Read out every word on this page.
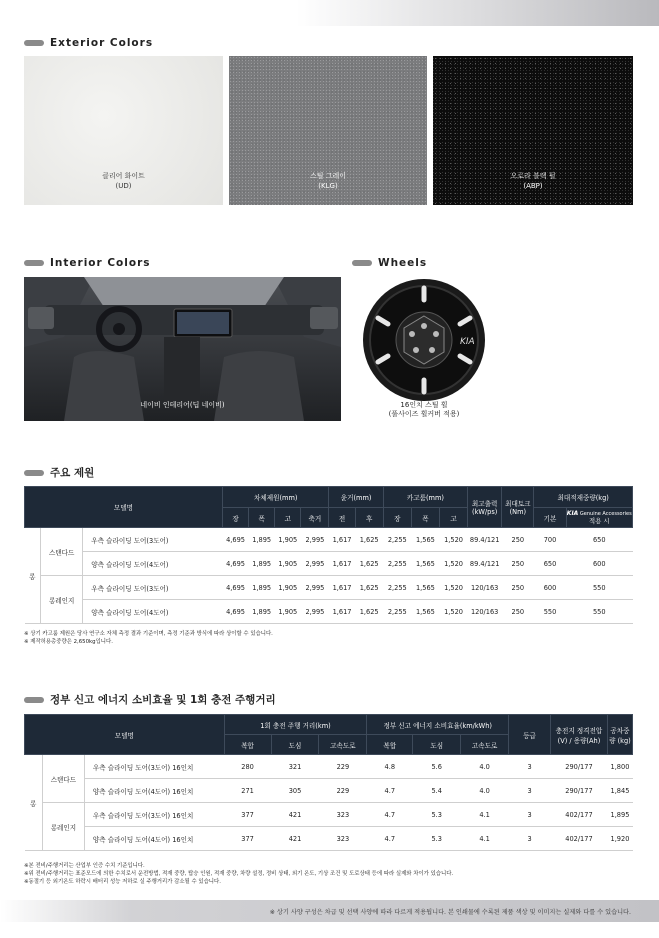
Exterior Colors
클리어 화이트
(UD)
스틸 그레이
(KLG)
오로라 블랙 펄
(ABP)
Interior Colors
네이비 인테리어(딥 네이비)
Wheels
KIA
16인치 스틸 휠
(풀사이즈 휠커버 적용)
주요 제원
모델명			차체제원(mm)				윤거(mm)		카고룸(mm)			최고출력 (kW/ps)	최대토크 (Nm)	최대적재중량(kg)	
			장	폭	고	축거	전	후	장	폭	고			기본	KIA Genuine Accessories
적용 시
롱	스탠다드	우측 슬라이딩 도어(3도어)	4,695	1,895	1,905	2,995	1,617	1,625	2,255	1,565	1,520	89.4/121	250	700	650
		양측 슬라이딩 도어(4도어)	4,695	1,895	1,905	2,995	1,617	1,625	2,255	1,565	1,520	89.4/121	250	650	600
	롱레인지	우측 슬라이딩 도어(3도어)	4,695	1,895	1,905	2,995	1,617	1,625	2,255	1,565	1,520	120/163	250	600	550
		양측 슬라이딩 도어(4도어)	4,695	1,895	1,905	2,995	1,617	1,625	2,255	1,565	1,520	120/163	250	550	550
※ 상기 카고룸 제원은 당사 연구소 자체 측정 결과 기준이며, 측정 기준과 방식에 따라 상이할 수 있습니다.
※ 제작허용총중량은 2,650kg입니다.
정부 신고 에너지 소비효율 및 1회 충전 주행거리
모델명			1회 충전 주행 거리(km)			정부 신고 에너지 소비효율(km/kWh)			등급	충전지 정격전압(V) / 용량(Ah)	공차중량 (kg)
			복합	도심	고속도로	복합	도심	고속도로			
롱	스탠다드	우측 슬라이딩 도어(3도어) 16인치	280	321	229	4.8	5.6	4.0	3	290/177	1,800
		양측 슬라이딩 도어(4도어) 16인치	271	305	229	4.7	5.4	4.0	3	290/177	1,845
	롱레인지	우측 슬라이딩 도어(3도어) 16인치	377	421	323	4.7	5.3	4.1	3	402/177	1,895
		양측 슬라이딩 도어(4도어) 16인치	377	421	323	4.7	5.3	4.1	3	402/177	1,920
※본 전비/주행거리는 산업부 인증 수치 기준입니다.
※위 전비/주행거리는 표준모드에 의한 수치로서 운전방법, 적재 중량, 탑승 인원, 적재 중량, 차량 설정, 정비 상태, 외기 온도, 기상 조건 및 도로상태 등에 따라 실제와 차이가 있습니다.
※동절기 등 외기온도 하락시 배터리 성능 저하로 실 주행거리가 감소될 수 있습니다.
※ 상기 사양 구성은 차급 및 선택 사양에 따라 다르게 적용됩니다. 본 인쇄물에 수록된 제품 색상 및 이미지는 실제와 다를 수 있습니다.
